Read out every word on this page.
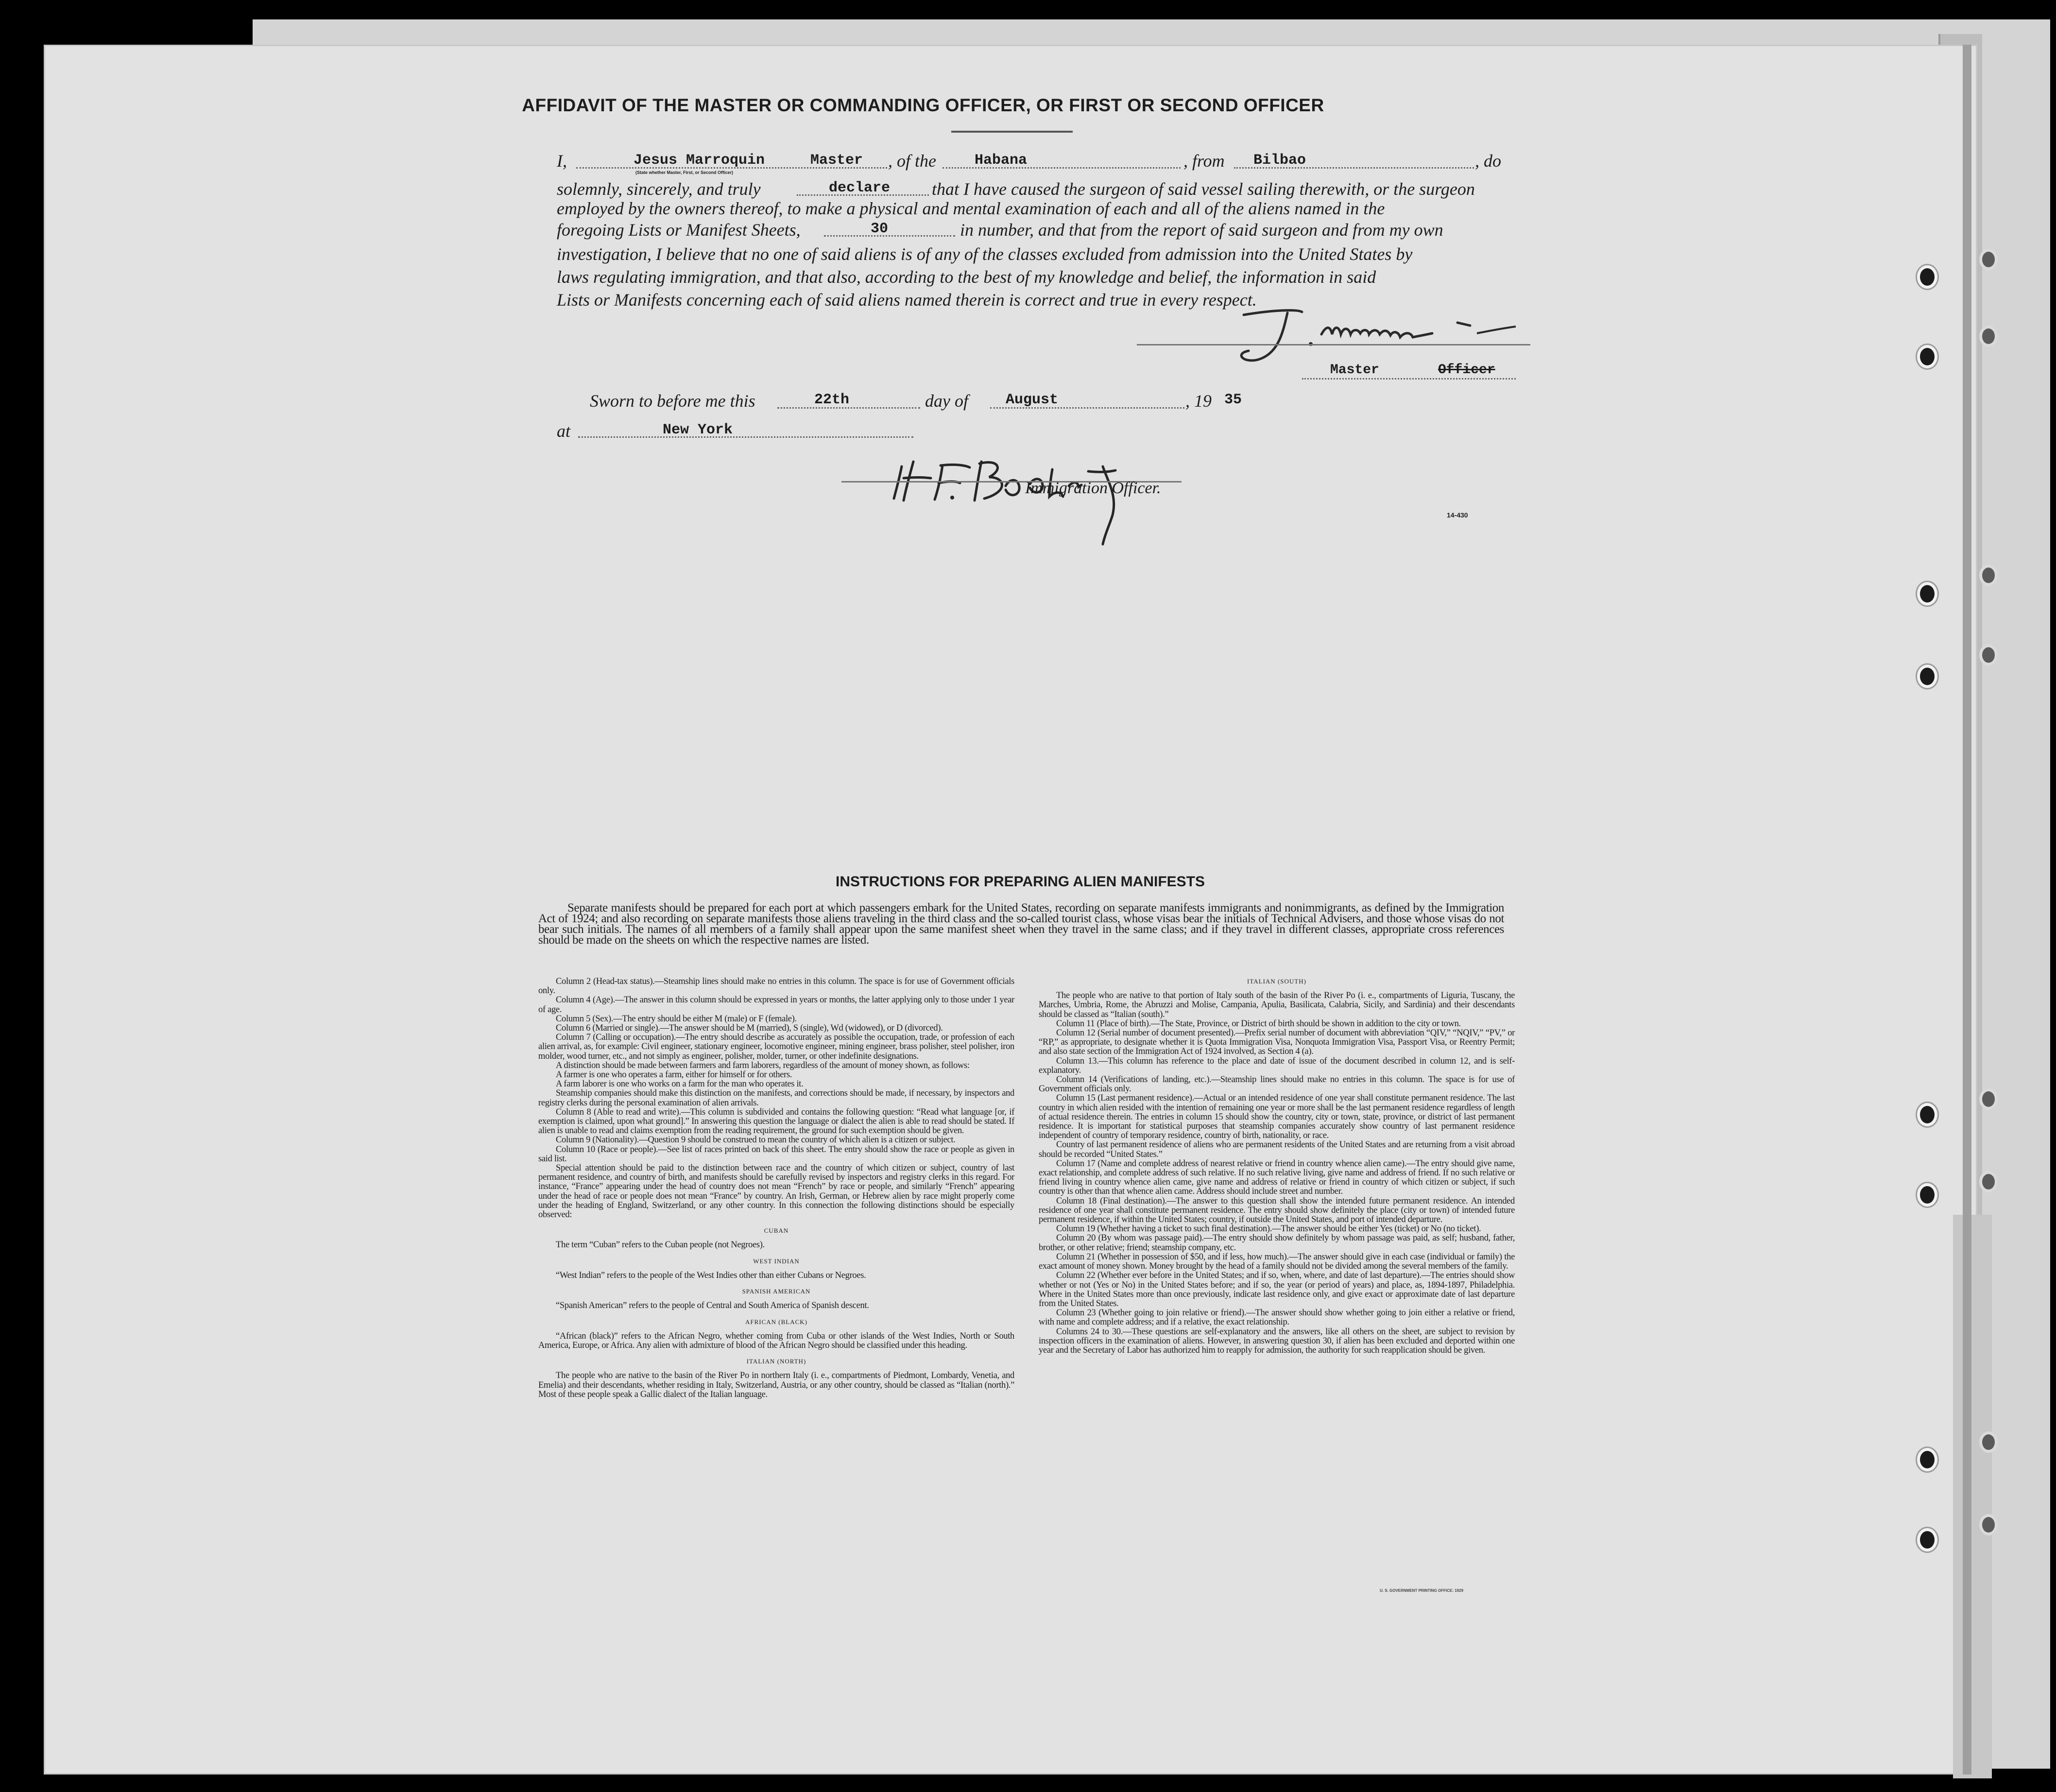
AFFIDAVIT OF THE MASTER OR COMMANDING OFFICER, OR FIRST OR SECOND OFFICER
I,	Jesus Marroquin	Master
(State whether Master, First, or Second Officer)
, of the	Habana	, from Bilbao	, do
solemnly, sincerely, and truly	declare that I have caused the surgeon of said vessel sailing therewith, or the surgeon
employed by the owners thereof, to make a physical and mental examination of each and all of the aliens named in the
foregoing Lists or Manifest Sheets,	30	in number, and that from the report of said surgeon and from my own
investigation, I believe that no one of said aliens is of any of the classes excluded from admission into the United States by
laws regulating immigration, and that also, according to the best of my knowledge and belief, the information in said
Lists or Manifests concerning each of said aliens named therein is correct and true in every respect.
Master	Officer
Sworn to before me this	22th	day of	August	, 19 35
at	New York
Immigration Officer.
14-430
INSTRUCTIONS FOR PREPARING ALIEN MANIFESTS
Separate manifests should be prepared for each port at which passengers embark for the United States, recording on separate manifests immigrants and nonimmigrants, as defined by the Immigration Act of 1924; and also recording on separate manifests those aliens traveling in the third class and the so-called tourist class, whose visas bear the initials of Technical Advisers, and those whose visas do not bear such initials. The names of all members of a family shall appear upon the same manifest sheet when they travel in the same class; and if they travel in different classes, appropriate cross references should be made on the sheets on which the respective names are listed.

Column 2 (Head-tax status).—Steamship lines should make no entries in this column. The space is for use of Government officials only.

Column 4 (Age).—The answer in this column should be expressed in years or months, the latter applying only to those under 1 year of age.

Column 5 (Sex).—The entry should be either M (male) or F (female).

Column 6 (Married or single).—The answer should be M (married), S (single), Wd (widowed), or D (divorced).

Column 7 (Calling or occupation).—The entry should describe as accurately as possible the occupation, trade, or profession of each alien arrival, as, for example: Civil engineer, stationary engineer, locomotive engineer, mining engineer, brass polisher, steel polisher, iron molder, wood turner, etc., and not simply as engineer, polisher, molder, turner, or other indefinite designations.

A distinction should be made between farmers and farm laborers, regardless of the amount of money shown, as follows:

A farmer is one who operates a farm, either for himself or for others.

A farm laborer is one who works on a farm for the man who operates it.

Steamship companies should make this distinction on the manifests, and corrections should be made, if necessary, by inspectors and registry clerks during the personal examination of alien arrivals.

Column 8 (Able to read and write).—This column is subdivided and contains the following question: “Read what language [or, if exemption is claimed, upon what ground].” In answering this question the language or dialect the alien is able to read should be stated. If alien is unable to read and claims exemption from the reading requirement, the ground for such exemption should be given.

Column 9 (Nationality).—Question 9 should be construed to mean the country of which alien is a citizen or subject.

Column 10 (Race or people).—See list of races printed on back of this sheet. The entry should show the race or people as given in said list.

Special attention should be paid to the distinction between race and the country of which citizen or subject, country of last permanent residence, and country of birth, and manifests should be carefully revised by inspectors and registry clerks in this regard. For instance, “France” appearing under the head of country does not mean “French” by race or people, and similarly “French” appearing under the head of race or people does not mean “France” by country. An Irish, German, or Hebrew alien by race might properly come under the heading of England, Switzerland, or any other country. In this connection the following distinctions should be especially observed:

CUBAN

The term “Cuban” refers to the Cuban people (not Negroes).

WEST INDIAN

“West Indian” refers to the people of the West Indies other than either Cubans or Negroes.

SPANISH AMERICAN

“Spanish American” refers to the people of Central and South America of Spanish descent.

AFRICAN (BLACK)

“African (black)” refers to the African Negro, whether coming from Cuba or other islands of the West Indies, North or South America, Europe, or Africa. Any alien with admixture of blood of the African Negro should be classified under this heading.

ITALIAN (NORTH)

The people who are native to the basin of the River Po in northern Italy (i. e., compartments of Piedmont, Lombardy, Venetia, and Emelia) and their descendants, whether residing in Italy, Switzerland, Austria, or any other country, should be classed as “Italian (north).” Most of these people speak a Gallic dialect of the Italian language.

ITALIAN (SOUTH)

The people who are native to that portion of Italy south of the basin of the River Po (i. e., compartments of Liguria, Tuscany, the Marches, Umbria, Rome, the Abruzzi and Molise, Campania, Apulia, Basilicata, Calabria, Sicily, and Sardinia) and their descendants should be classed as “Italian (south).”

Column 11 (Place of birth).—The State, Province, or District of birth should be shown in addition to the city or town.

Column 12 (Serial number of document presented).—Prefix serial number of document with abbreviation “QIV,” “NQIV,” “PV,” or “RP,” as appropriate, to designate whether it is Quota Immigration Visa, Nonquota Immigration Visa, Passport Visa, or Reentry Permit; and also state section of the Immigration Act of 1924 involved, as Section 4 (a).

Column 13.—This column has reference to the place and date of issue of the document described in column 12, and is self-explanatory.

Column 14 (Verifications of landing, etc.).—Steamship lines should make no entries in this column. The space is for use of Government officials only.

Column 15 (Last permanent residence).—Actual or an intended residence of one year shall constitute permanent residence. The last country in which alien resided with the intention of remaining one year or more shall be the last permanent residence regardless of length of actual residence therein. The entries in column 15 should show the country, city or town, state, province, or district of last permanent residence. It is important for statistical purposes that steamship companies accurately show country of last permanent residence independent of country of temporary residence, country of birth, nationality, or race.

Country of last permanent residence of aliens who are permanent residents of the United States and are returning from a visit abroad should be recorded “United States.”

Column 17 (Name and complete address of nearest relative or friend in country whence alien came).—The entry should give name, exact relationship, and complete address of such relative. If no such relative living, give name and address of friend. If no such relative or friend living in country whence alien came, give name and address of relative or friend in country of which citizen or subject, if such country is other than that whence alien came. Address should include street and number.

Column 18 (Final destination).—The answer to this question shall show the intended future permanent residence. An intended residence of one year shall constitute permanent residence. The entry should show definitely the place (city or town) of intended future permanent residence, if within the United States; country, if outside the United States, and port of intended departure.

Column 19 (Whether having a ticket to such final destination).—The answer should be either Yes (ticket) or No (no ticket).

Column 20 (By whom was passage paid).—The entry should show definitely by whom passage was paid, as self; husband, father, brother, or other relative; friend; steamship company, etc.

Column 21 (Whether in possession of $50, and if less, how much).—The answer should give in each case (individual or family) the exact amount of money shown. Money brought by the head of a family should not be divided among the several members of the family.

Column 22 (Whether ever before in the United States; and if so, when, where, and date of last departure).—The entries should show whether or not (Yes or No) in the United States before; and if so, the year (or period of years) and place, as, 1894-1897, Philadelphia. Where in the United States more than once previously, indicate last residence only, and give exact or approximate date of last departure from the United States.

Column 23 (Whether going to join relative or friend).—The answer should show whether going to join either a relative or friend, with name and complete address; and if a relative, the exact relationship.

Columns 24 to 30.—These questions are self-explanatory and the answers, like all others on the sheet, are subject to revision by inspection officers in the examination of aliens. However, in answering question 30, if alien has been excluded and deported within one year and the Secretary of Labor has authorized him to reapply for admission, the authority for such reapplication should be given.

U. S. GOVERNMENT PRINTING OFFICE: 1929
